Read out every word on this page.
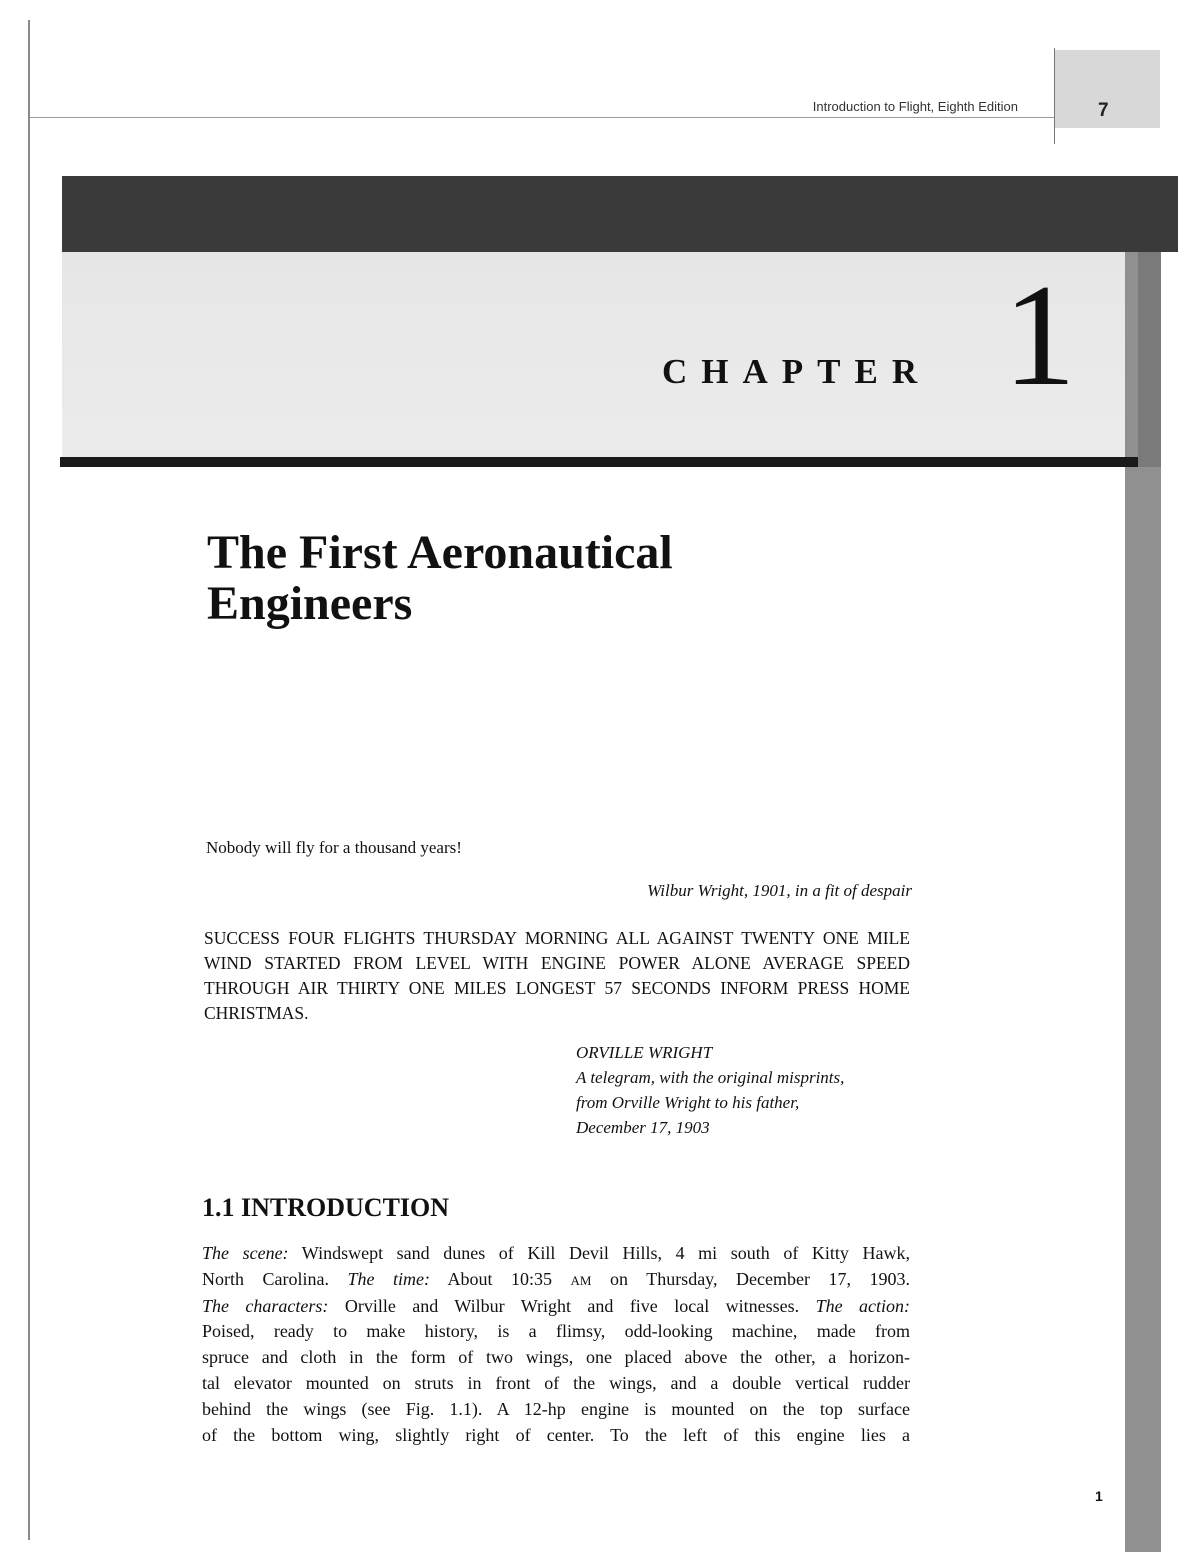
Introduction to Flight, Eighth Edition	7
CHAPTER 1
The First Aeronautical
Engineers
Nobody will fly for a thousand years!
Wilbur Wright, 1901, in a fit of despair

SUCCESS FOUR FLIGHTS THURSDAY MORNING ALL AGAINST TWENTY ONE MILE WIND STARTED FROM LEVEL WITH ENGINE POWER ALONE AVERAGE SPEED THROUGH AIR THIRTY ONE MILES LONGEST 57 SECONDS INFORM PRESS HOME CHRISTMAS.

ORVILLE WRIGHT
A telegram, with the original misprints,
from Orville Wright to his father,
December 17, 1903
1.1 INTRODUCTION
The scene: Windswept sand dunes of Kill Devil Hills, 4 mi south of Kitty Hawk,
North Carolina. The time: About 10:35 AM on Thursday, December 17, 1903.
The characters: Orville and Wilbur Wright and five local witnesses. The action:
Poised, ready to make history, is a flimsy, odd-looking machine, made from
spruce and cloth in the form of two wings, one placed above the other, a horizon-
tal elevator mounted on struts in front of the wings, and a double vertical rudder
behind the wings (see Fig. 1.1). A 12-hp engine is mounted on the top surface
of the bottom wing, slightly right of center. To the left of this engine lies a
1
